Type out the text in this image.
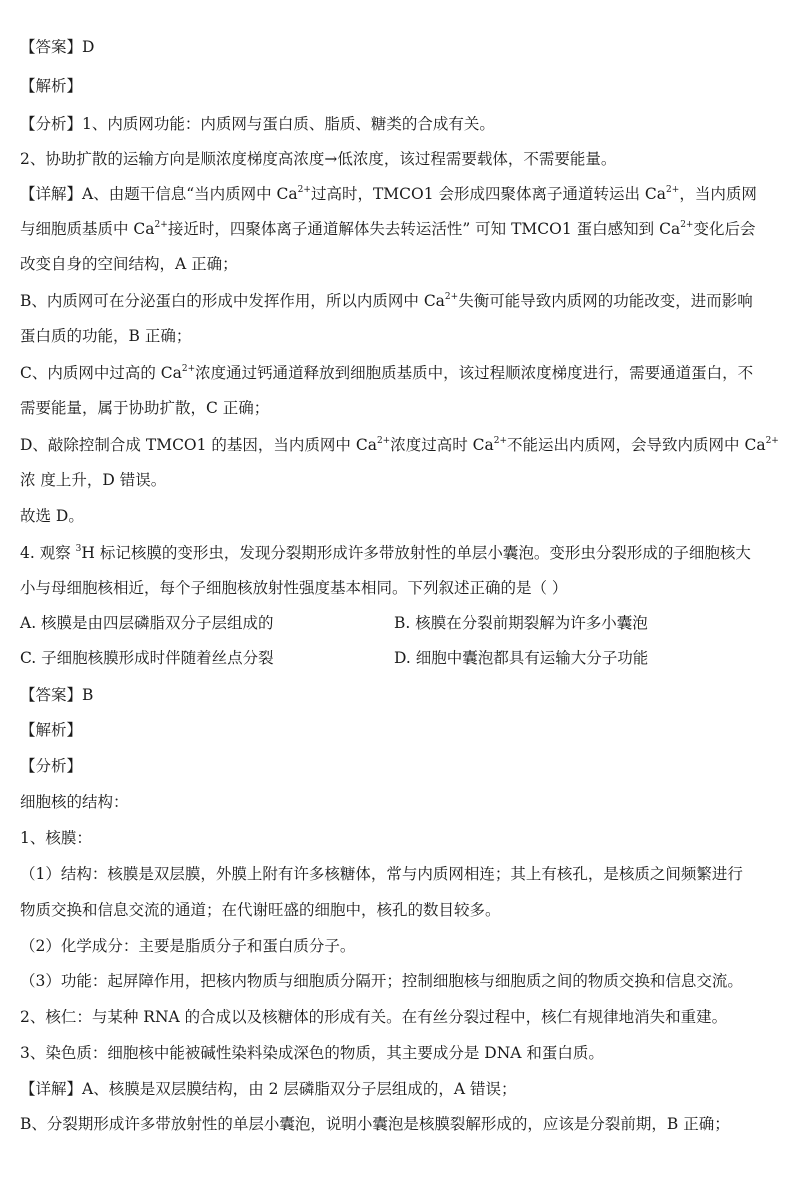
【答案】D
【解析】
【分析】1、内质网功能：内质网与蛋白质、脂质、糖类的合成有关。
2、协助扩散的运输方向是顺浓度梯度高浓度→低浓度，该过程需要载体，不需要能量。
【详解】A、由题干信息“当内质网中 $Ca^{2+}$过高时，TMCO1 会形成四聚体离子通道转运出 $Ca^{2+}$，当内质网
与细胞质基质中 $Ca^{2+}$接近时，四聚体离子通道解体失去转运活性” 可知 TMCO1 蛋白感知到 $Ca^{2+}$变化后会
改变自身的空间结构，A 正确；
B、内质网可在分泌蛋白的形成中发挥作用，所以内质网中 $Ca^{2+}$失衡可能导致内质网的功能改变，进而影响
蛋白质的功能，B 正确；
C、内质网中过高的 $Ca^{2+}$浓度通过钙通道释放到细胞质基质中，该过程顺浓度梯度进行，需要通道蛋白，不
需要能量，属于协助扩散，C 正确；
D、敲除控制合成 TMCO1 的基因，当内质网中 $Ca^{2+}$浓度过高时 $Ca^{2+}$不能运出内质网，会导致内质网中 $Ca^{2+}$
浓 度上升，D 错误。
故选 D。
4. 观察 $^3$H 标记核膜的变形虫，发现分裂期形成许多带放射性的单层小囊泡。变形虫分裂形成的子细胞核大
小与母细胞核相近，每个子细胞核放射性强度基本相同。下列叙述正确的是（ ）
A. 核膜是由四层磷脂双分子层组成的	B. 核膜在分裂前期裂解为许多小囊泡
C. 子细胞核膜形成时伴随着丝点分裂	D. 细胞中囊泡都具有运输大分子功能
【答案】B
【解析】
【分析】
细胞核的结构：
1、核膜：
（1）结构：核膜是双层膜，外膜上附有许多核糖体，常与内质网相连；其上有核孔，是核质之间频繁进行
物质交换和信息交流的通道；在代谢旺盛的细胞中，核孔的数目较多。
（2）化学成分：主要是脂质分子和蛋白质分子。
（3）功能：起屏障作用，把核内物质与细胞质分隔开；控制细胞核与细胞质之间的物质交换和信息交流。
2、核仁：与某种 RNA 的合成以及核糖体的形成有关。在有丝分裂过程中，核仁有规律地消失和重建。
3、染色质：细胞核中能被碱性染料染成深色的物质，其主要成分是 DNA 和蛋白质。
【详解】A、核膜是双层膜结构，由 2 层磷脂双分子层组成的，A 错误；
B、分裂期形成许多带放射性的单层小囊泡，说明小囊泡是核膜裂解形成的，应该是分裂前期，B 正确；
